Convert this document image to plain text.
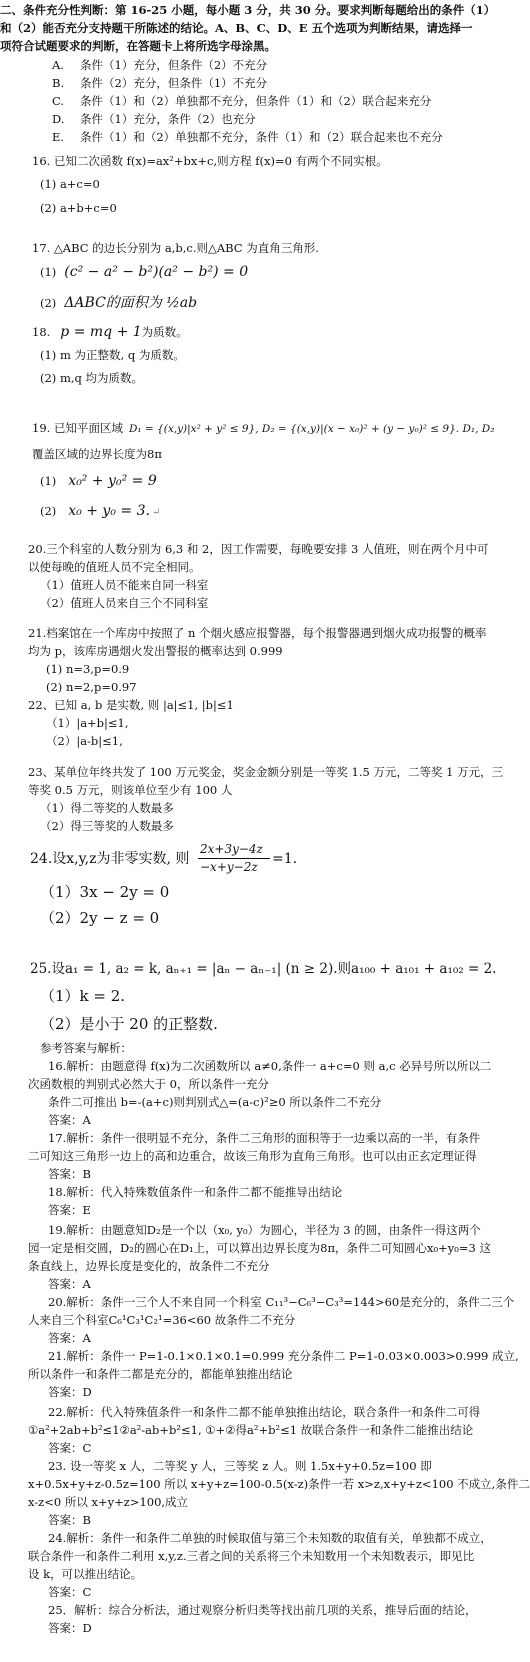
二、条件充分性判断：第 16-25 小题，每小题 3 分，共 30 分。要求判断每题给出的条件（1）
和（2）能否充分支持题干所陈述的结论。A、B、C、D、E 五个选项为判断结果，请选择一
项符合试题要求的判断，在答题卡上将所选字母涂黑。
A. 条件（1）充分，但条件（2）不充分
B. 条件（2）充分，但条件（1）不充分
C. 条件（1）和（2）单独都不充分，但条件（1）和（2）联合起来充分
D. 条件（1）充分，条件（2）也充分
E. 条件（1）和（2）单独都不充分，条件（1）和（2）联合起来也不充分
16. 已知二次函数 f(x)=ax²+bx+c,则方程 f(x)=0 有两个不同实根。
(1) a+c=0
(2) a+b+c=0
17. △ABC 的边长分别为 a,b,c.则△ABC 为直角三角形.
(1) (c² − a² − b²)(a² − b²) = 0
(2) ΔABC的面积为 ½ab
18. p = mq + 1为质数。
(1) m 为正整数, q 为质数。
(2) m,q 均为质数。
19. 已知平面区域 D₁ = {(x,y)|x² + y² ≤ 9}, D₂ = {(x,y)|(x − x₀)² + (y − y₀)² ≤ 9}. D₁, D₂
覆盖区域的边界长度为8π
(1) x₀² + y₀² = 9
(2) x₀ + y₀ = 3. ↵
20.三个科室的人数分别为 6,3 和 2，因工作需要，每晚要安排 3 人值班，则在两个月中可
以使每晚的值班人员不完全相同。
（1）值班人员不能来自同一科室
（2）值班人员来自三个不同科室
21.档案馆在一个库房中按照了 n 个烟火感应报警器，每个报警器遇到烟火成功报警的概率
均为 p，该库房遇烟火发出警报的概率达到 0.999
(1) n=3,p=0.9
(2) n=2,p=0.97
22、已知 a, b 是实数, 则 |a|≤1, |b|≤1
（1）|a+b|≤1,
（2）|a-b|≤1,
23、某单位年终共发了 100 万元奖金，奖金金额分别是一等奖 1.5 万元，二等奖 1 万元，三
等奖 0.5 万元，则该单位至少有 100 人
（1）得二等奖的人数最多
（2）得三等奖的人数最多
24.设x,y,z为非零实数, 则
2x+3y−4z
−x+y−2z =1.
（1）3x − 2y = 0
（2）2y − z = 0
25.设a₁ = 1, a₂ = k, aₙ₊₁ = |aₙ − aₙ₋₁| (n ≥ 2).则a₁₀₀ + a₁₀₁ + a₁₀₂ = 2.
（1）k = 2.
（2）是小于 20 的正整数.
参考答案与解析：
16.解析：由题意得 f(x)为二次函数所以 a≠0,条件一 a+c=0 则 a,c 必异号所以所以二
次函数根的判别式必然大于 0，所以条件一充分
条件二可推出 b=-(a+c)则判别式△=(a-c)²≥0 所以条件二不充分
答案：A
17.解析：条件一很明显不充分，条件二三角形的面积等于一边乘以高的一半，有条件
二可知这三角形一边上的高和边重合，故该三角形为直角三角形。也可以由正玄定理证得
答案：B
18.解析：代入特殊数值条件一和条件二都不能推导出结论
答案：E
19.解析：由题意知D₂是一个以（x₀, y₀）为圆心，半径为 3 的圆，由条件一得这两个
园一定是相交圆，D₂的圆心在D₁上，可以算出边界长度为8π，条件二可知圆心x₀+y₀=3 这
条直线上，边界长度是变化的，故条件二不充分
答案：A
20.解析：条件一三个人不来自同一个科室 C₁₁³−C₆³−C₃³=144>60是充分的，条件二三个
人来自三个科室C₆¹C₃¹C₂¹=36<60 故条件二不充分
答案：A
21.解析：条件一 P=1-0.1×0.1×0.1=0.999 充分条件二 P=1-0.03×0.003>0.999 成立,
所以条件一和条件二都是充分的，都能单独推出结论
答案：D
22.解析：代入特殊值条件一和条件二都不能单独推出结论，联合条件一和条件二可得
①a²+2ab+b²≤1②a²-ab+b²≤1, ①+②得a²+b²≤1 故联合条件一和条件二能推出结论
答案：C
23. 设一等奖 x 人，二等奖 y 人，三等奖 z 人。则 1.5x+y+0.5z=100 即
x+0.5x+y+z-0.5z=100 所以 x+y+z=100-0.5(x-z)条件一若 x>z,x+y+z<100 不成立,条件二
x-z<0 所以 x+y+z>100,成立
答案：B
24.解析：条件一和条件二单独的时候取值与第三个未知数的取值有关，单独都不成立，
联合条件一和条件二利用 x,y,z.三者之间的关系将三个未知数用一个未知数表示，即见比
设 k，可以推出结论。
答案：C
25．解析：综合分析法，通过观察分析归类等找出前几项的关系，推导后面的结论，
答案：D
